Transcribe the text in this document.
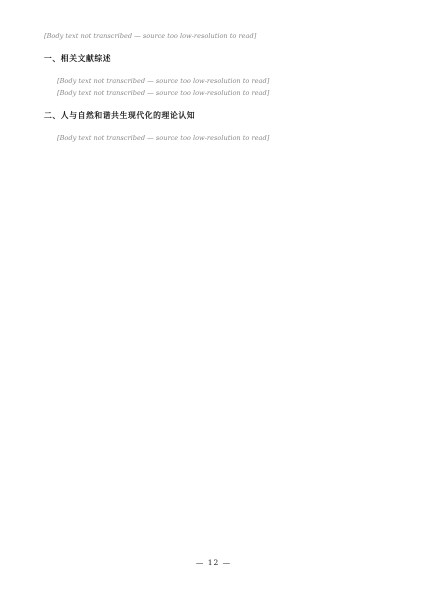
[Body text not transcribed — source too low-resolution to read]

一、相关文献综述

[Body text not transcribed — source too low-resolution to read]

[Body text not transcribed — source too low-resolution to read]

二、人与自然和谐共生现代化的理论认知

[Body text not transcribed — source too low-resolution to read]

— 12 —
